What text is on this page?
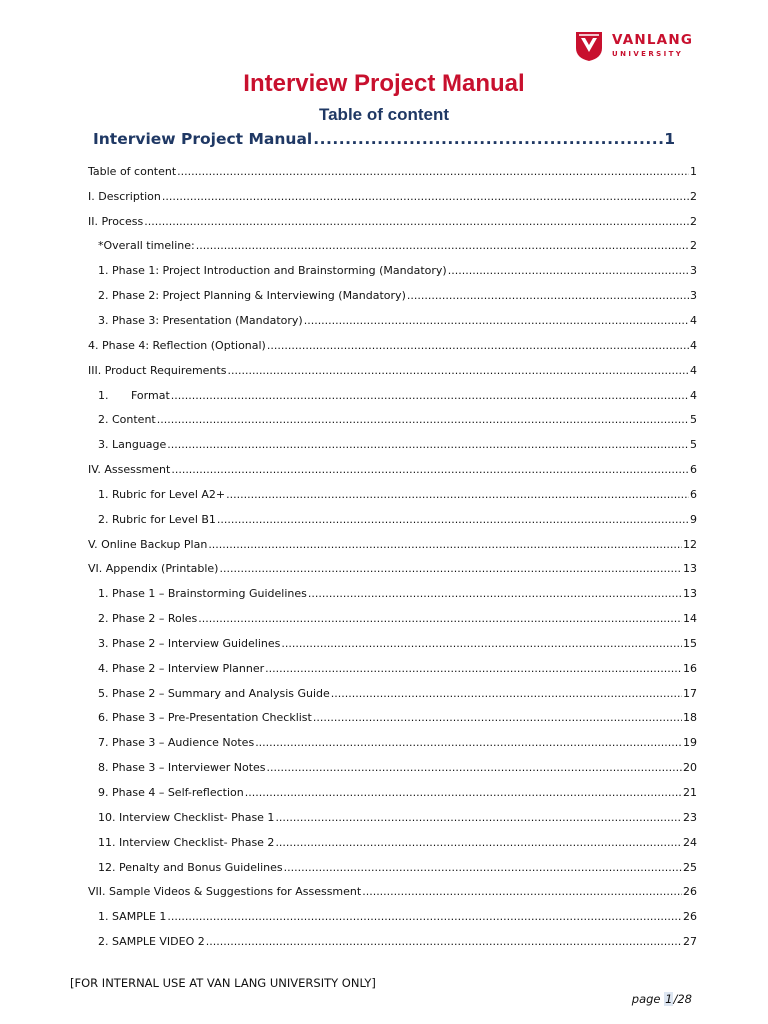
VANLANG
UNIVERSITY
Interview Project Manual
Table of content
Interview Project Manual .....	1
Table of content .....	1
I. Description .....	2
II. Process .....	2
*Overall timeline: .....	2
1. Phase 1: Project Introduction and Brainstorming (Mandatory) .....	3
2. Phase 2: Project Planning & Interviewing (Mandatory) .....	3
3. Phase 3: Presentation (Mandatory) .....	4
4. Phase 4: Reflection (Optional) .....	4
III. Product Requirements .....	4
1. Format .....	4
2. Content .....	5
3. Language .....	5
IV. Assessment .....	6
1. Rubric for Level A2+ .....	6
2. Rubric for Level B1 .....	9
V. Online Backup Plan .....	12
VI. Appendix (Printable) .....	13
1. Phase 1 – Brainstorming Guidelines .....	13
2. Phase 2 – Roles .....	14
3. Phase 2 – Interview Guidelines .....	15
4. Phase 2 – Interview Planner .....	16
5. Phase 2 – Summary and Analysis Guide .....	17
6. Phase 3 – Pre-Presentation Checklist .....	18
7. Phase 3 – Audience Notes .....	19
8. Phase 3 – Interviewer Notes .....	20
9. Phase 4 – Self-reflection .....	21
10. Interview Checklist- Phase 1 .....	23
11. Interview Checklist- Phase 2 .....	24
12. Penalty and Bonus Guidelines .....	25
VII. Sample Videos & Suggestions for Assessment .....	26
1. SAMPLE 1 .....	26
2. SAMPLE VIDEO 2 .....	27
[FOR INTERNAL USE AT VAN LANG UNIVERSITY ONLY]
page 1/28
